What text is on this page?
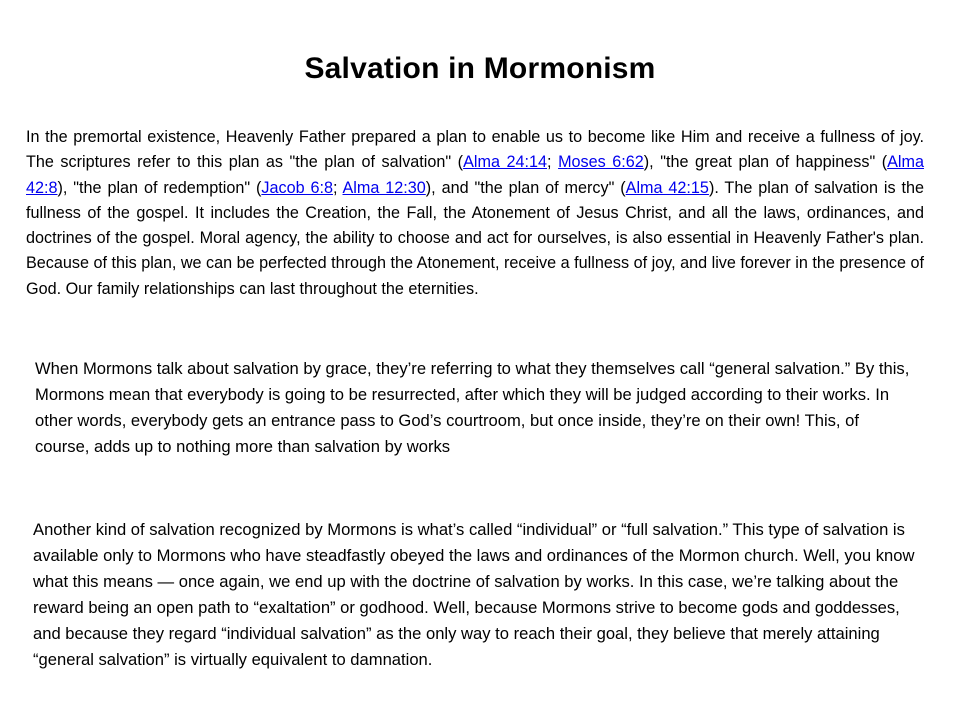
Salvation in Mormonism

In the premortal existence, Heavenly Father prepared a plan to enable us to become like Him and receive a fullness of joy. The scriptures refer to this plan as "the plan of salvation" (Alma 24:14; Moses 6:62), "the great plan of happiness" (Alma 42:8), "the plan of redemption" (Jacob 6:8; Alma 12:30), and "the plan of mercy" (Alma 42:15). The plan of salvation is the fullness of the gospel. It includes the Creation, the Fall, the Atonement of Jesus Christ, and all the laws, ordinances, and doctrines of the gospel. Moral agency, the ability to choose and act for ourselves, is also essential in Heavenly Father's plan. Because of this plan, we can be perfected through the Atonement, receive a fullness of joy, and live forever in the presence of God. Our family relationships can last throughout the eternities.

When Mormons talk about salvation by grace, they’re referring to what they themselves call “general salvation.” By this, Mormons mean that everybody is going to be resurrected, after which they will be judged according to their works. In other words, everybody gets an entrance pass to God’s courtroom, but once inside, they’re on their own! This, of course, adds up to nothing more than salvation by works

Another kind of salvation recognized by Mormons is what’s called “individual” or “full salvation.” This type of salvation is available only to Mormons who have steadfastly obeyed the laws and ordinances of the Mormon church. Well, you know what this means — once again, we end up with the doctrine of salvation by works. In this case, we’re talking about the reward being an open path to “exaltation” or godhood. Well, because Mormons strive to become gods and goddesses, and because they regard “individual salvation” as the only way to reach their goal, they believe that merely attaining “general salvation” is virtually equivalent to damnation.
